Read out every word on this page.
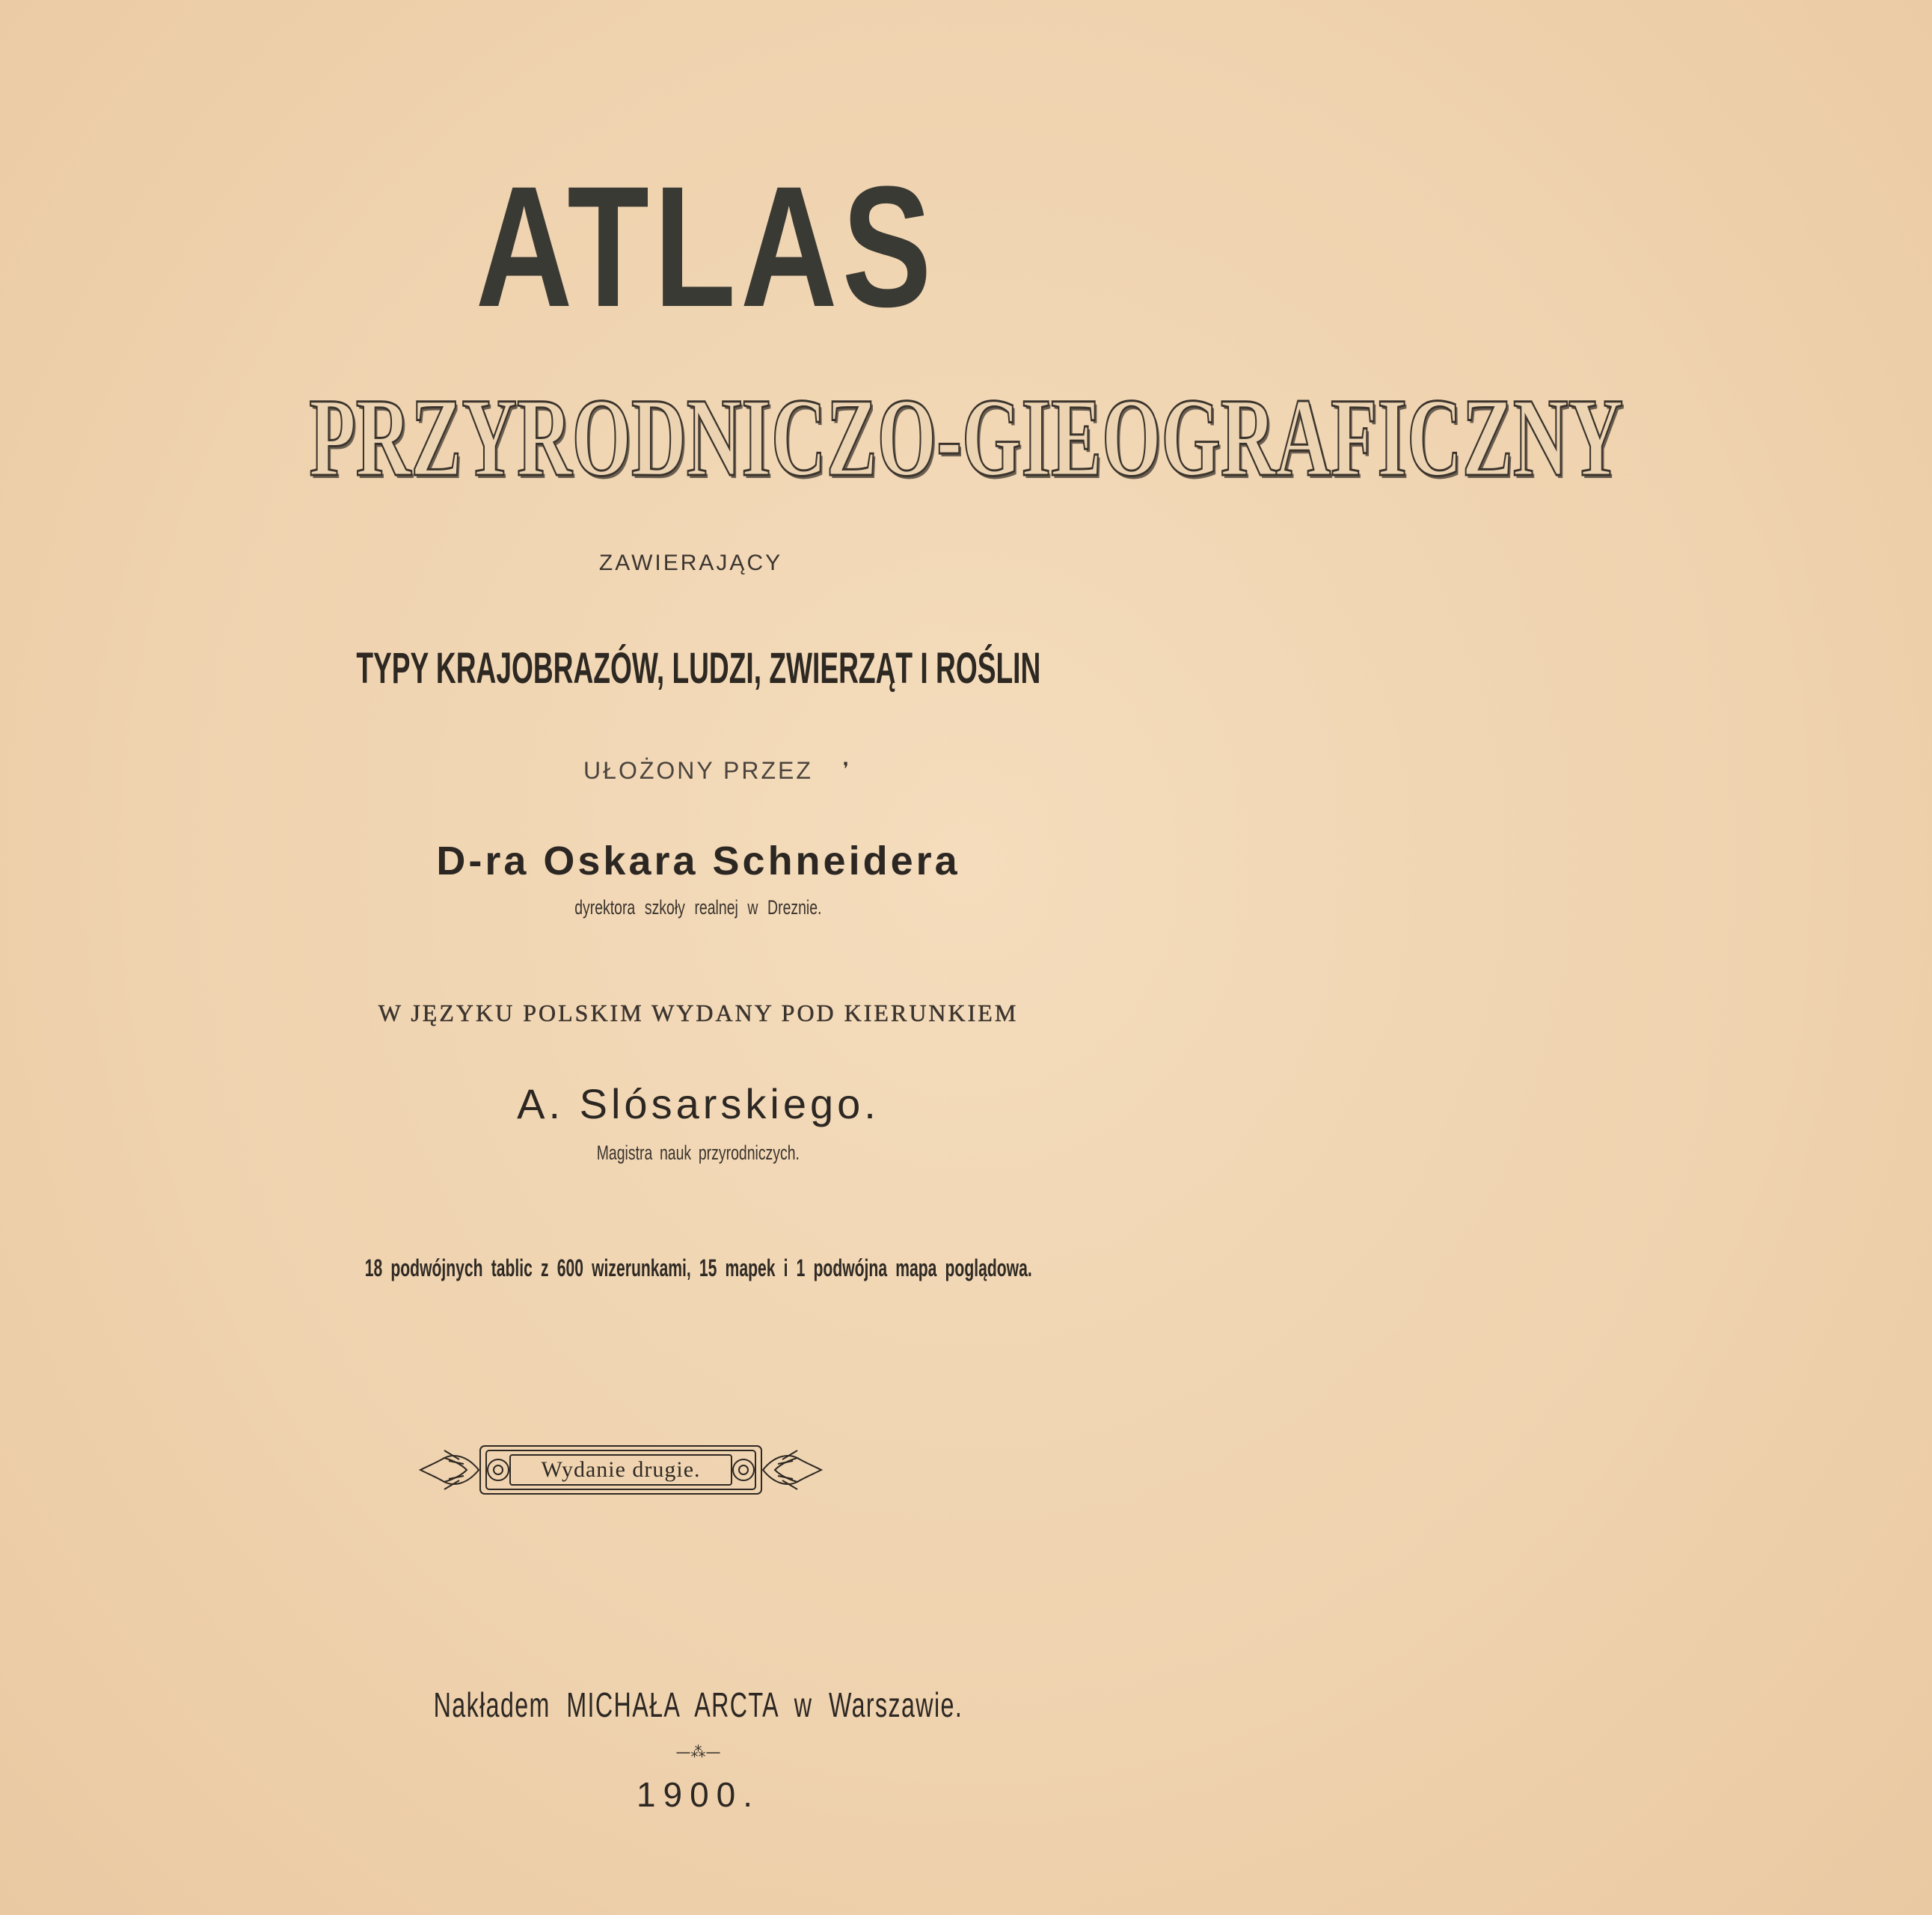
ATLAS
PRZYRODNICZO-GIEOGRAFICZNY
ZAWIERAJĄCY
TYPY KRAJOBRAZÓW, LUDZI, ZWIERZĄT I ROŚLIN
UŁOŻONY PRZEZ	❜
D-ra Oskara Schneidera
dyrektora szkoły realnej w Dreznie.
W JĘZYKU POLSKIM WYDANY POD KIERUNKIEM
A. Slósarskiego.
Magistra nauk przyrodniczych.
18 podwójnych tablic z 600 wizerunkami, 15 mapek i 1 podwójna mapa poglądowa.
Wydanie drugie.
Nakładem MICHAŁA ARCTA w Warszawie.
—⁂—
1900.
